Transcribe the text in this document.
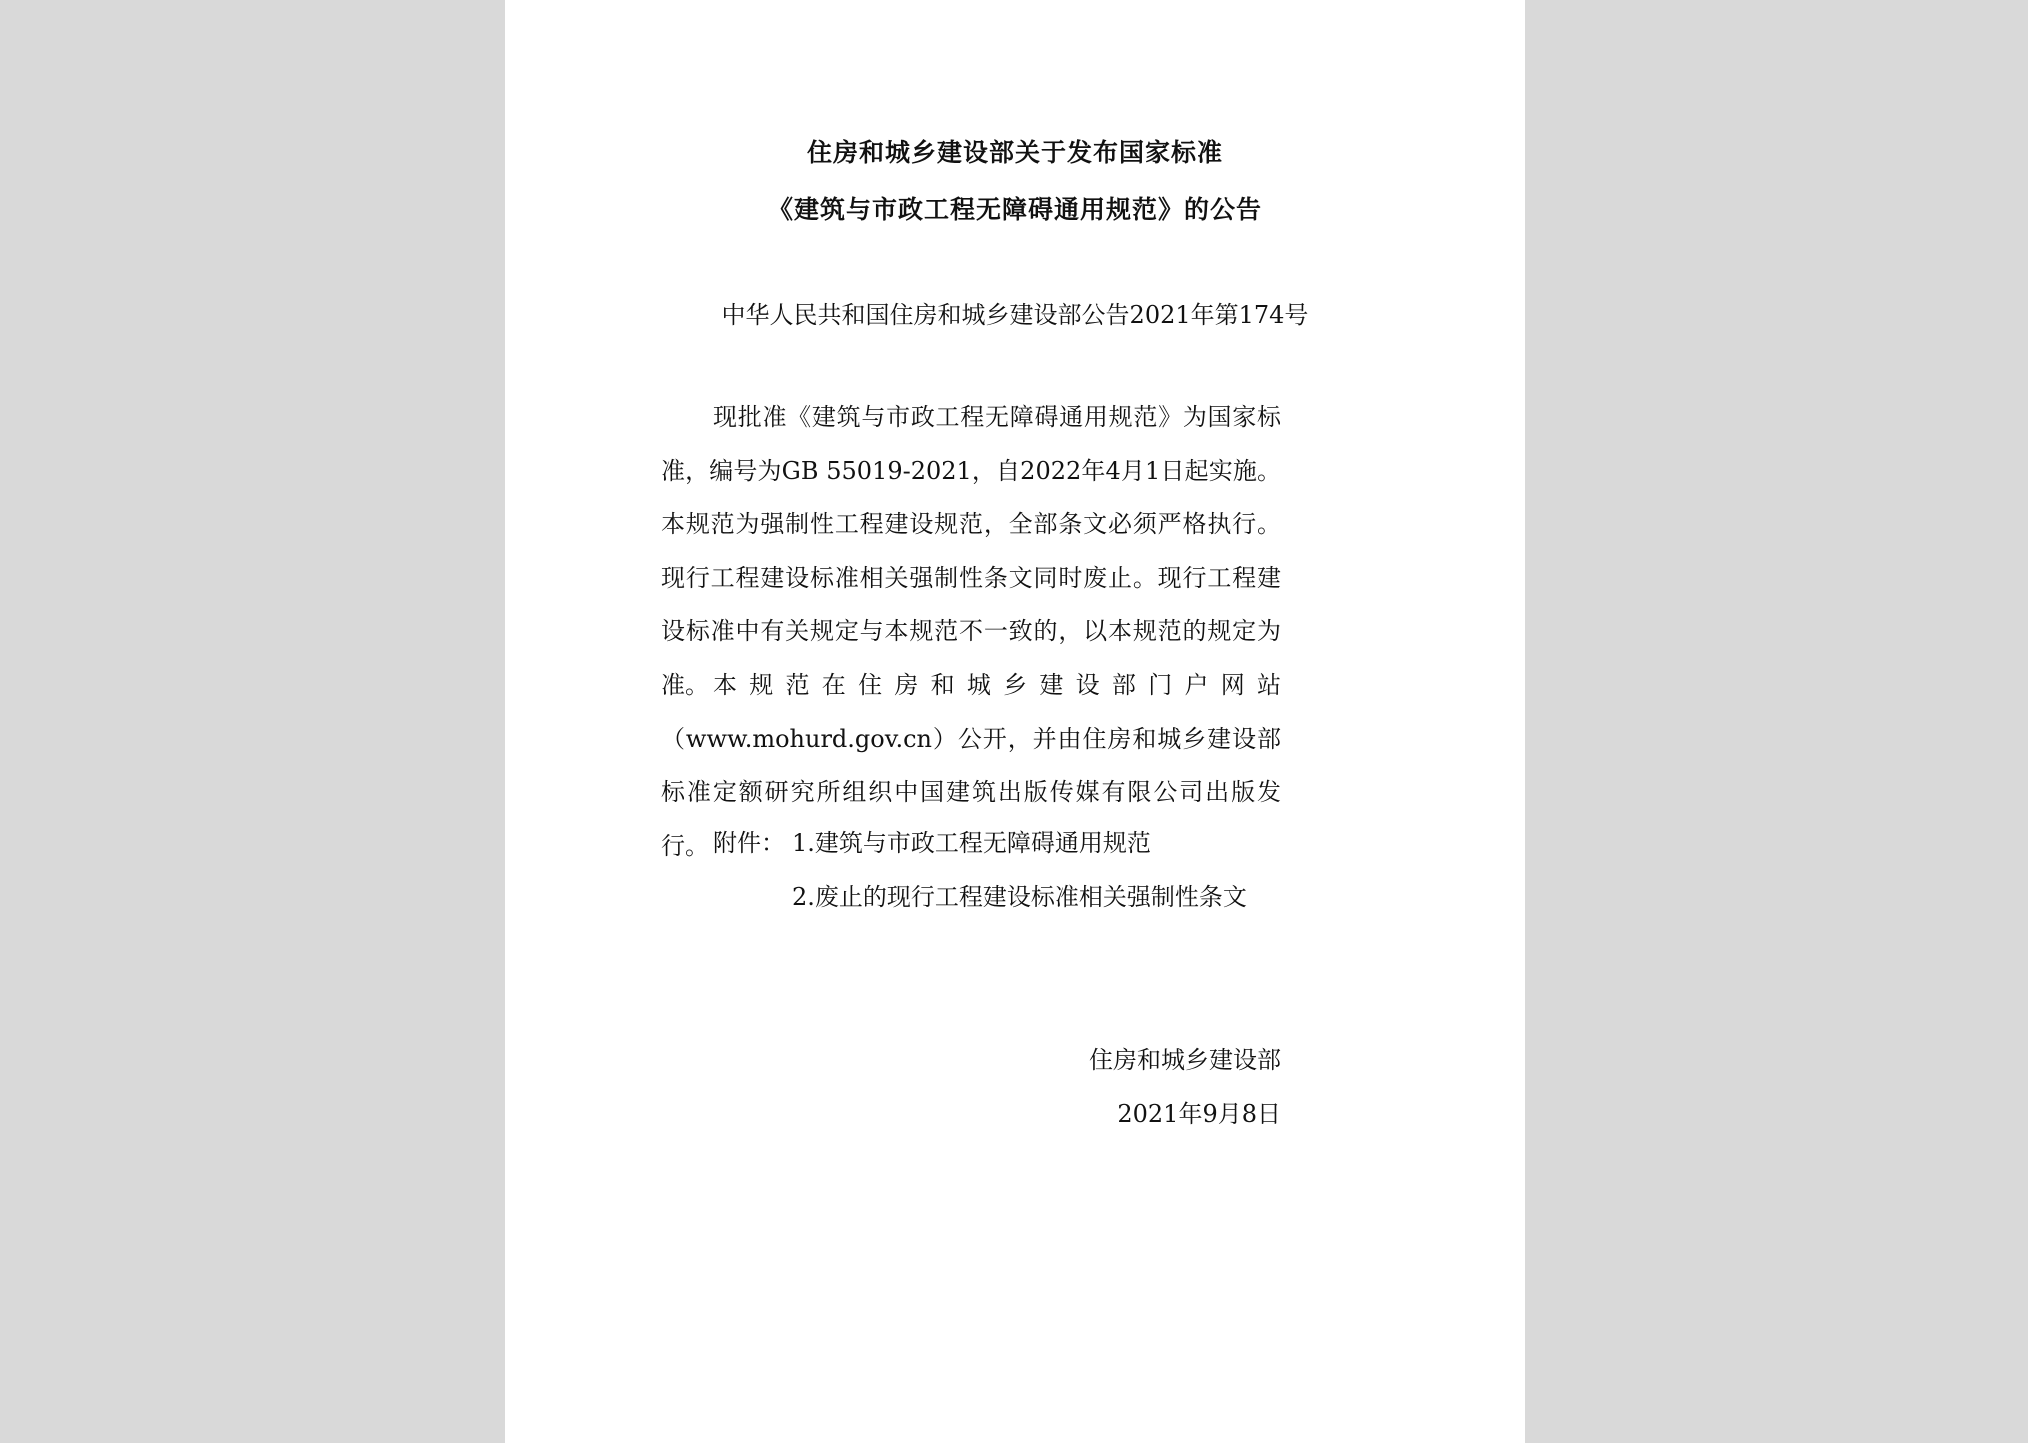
住房和城乡建设部关于发布国家标准
《建筑与市政工程无障碍通用规范》的公告
中华人民共和国住房和城乡建设部公告2021年第174号

现批准《建筑与市政工程无障碍通用规范》为国家标准，编号为GB 55019-2021，自2022年4月1日起实施。本规范为强制性工程建设规范，全部条文必须严格执行。现行工程建设标准相关强制性条文同时废止。现行工程建设标准中有关规定与本规范不一致的，以本规范的规定为准。 本规范在住房和城乡建设部门户网站（www.mohurd.gov.cn）公开，并由住房和城乡建设部标准定额研究所组织中国建筑出版传媒有限公司出版发行。 附件： 1.建筑与市政工程无障碍通用规范
2.废止的现行工程建设标准相关强制性条文
住房和城乡建设部
2021年9月8日
